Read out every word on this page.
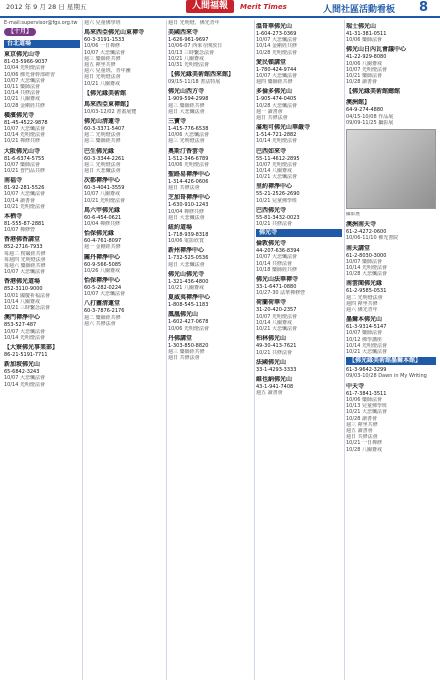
2012 年 9 月 28 日 星期五	人間福報	Merit Times	人間社區活動看板 8

E-mail:supervisor@fgs.org.tw

【十月】

台北道場

東京佛光山寺

81-03-5966-9037

10/04 光明燈法會

10/06 佛光會幹部研習

10/07 大悲懺法會

10/11 藥師法會

10/14 共修法會

10/21 八關齋戒

10/28 金剛經共修

橫濱佛光寺

81-45-4522-9878

10/07 大悲懺法會

10/14 光明燈法會

10/21 禪修共修

大阪佛光山寺

81-6-6374-5755

10/07 藥師法會

10/21 普門品共修

南福寺

81-92-281-5526

10/07 大悲懺法會

10/14 讀書會

10/21 光明燈法會

本栖寺

81-555-87-2881

10/07 禪修營

香港佛香講堂

852-2716-7933

每週二 楞嚴經共修

每週四 光明燈法會

每週六 藥師經共修

10/07 大悲懺法會

香港佛光道場

852-3110-9000

10/01 國慶祈福法會

10/14 八關齋戒

10/21 三時繫念法會

澳門禪淨中心

853-527-487

10/07 大悲懺法會

10/14 光明燈法會

【大寮佛光事業部】

86-21-5191-7711

新加坡佛光山

65-6842-3243

10/07 大悲懺法會

10/14 光明燈法會

週六 兒童佛學班

馬來西亞佛光山東禪寺

60-3-3191-1533

10/06 一日禪修

10/07 大悲懺法會

週三 藥師經共修

週五 禪坐共修

週六 兒童班、青年團

週日 光明燈法會

10/21 八關齋戒

【佛光緣美術館

馬來西亞東禪館】

10/03-12/02 書畫展覽

佛光山清蓮寺

60-3-3371-5407

週二 光明燈法會

週三 藥師經共修

巴生佛光緣

60-3-3344-2261

週三 光明燈法會

週日 大悲懺法會

次都禪淨中心

60-3-4041-3559

10/07 八關齋戒

10/21 光明燈法會

馬六甲佛光緣

60-6-454-0621

10/04 禪修共修

怡保佛光緣

60-4-761-8097

週一 金剛經共修

關丹禪淨中心

60-9-566-5085

10/26 八關齋戒

怡保禪淨中心

60-5-282-0224

10/07 大悲懺法會

八打靈清蓮堂

60-3-7876-2176

週二 藥師經共修

週六 共修法會

週日 光明燈、佛光青年

美國西來寺

1-626-961-9697

10/06-07 西來寺開放日

10/13 三時繫念法會

10/21 八關齋戒

10/31 光明燈法會

【佛光緣美術館西來館】

09/15-11/18 書法特展

佛光山西方寺

1-909-594-2998

週三 藥師經共修

週日 大悲懺法會

三寶寺

1-415-776-6538

10/06 大悲懺法會

週三 光明燈法會

奧斯汀香雲寺

1-512-346-6789

10/06 光明燈法會

聖路易禪淨中心

1-314-426-0606

週日 共修法會

芝加哥禪淨中心

1-630-910-1243

10/04 禪修共修

週日 大悲懺法會

紐約道場

1-718-939-8318

10/06 電影欣賞

新州禪淨中心

1-732-525-0536

週日 大悲懺法會

佛光山佛光寺

1-321-436-4800

10/21 八關齋戒

夏威夷禪淨中心

1-808-545-1183

鳳凰佛光山

1-602-427-0678

10/06 光明燈法會

丹佛講堂

1-303-850-8820

週三 藥師經共修

週日 共修法會

溫哥華佛光山

1-604-273-0369

10/07 大悲懺法會

10/14 金剛經共修

10/28 光明燈法會

愛民頓講堂

1-780-424-9744

10/07 大悲懺法會

週四 藥師經共修

多倫多佛光山

1-905-474-0405

10/28 大悲懺法會

週一 讀書會

週日 共修法會

滿地可佛光山華嚴寺

1-514-721-2882

10/14 光明燈法會

巴西如來寺

55-11-4612-2895

10/07 光明燈法會

10/14 八關齋戒

10/21 大悲懺法會

里約禪淨中心

55-21-2526-2690

10/21 兒童佛學班

巴西佛光寺

55-81-3432-0023

10/21 共修法會

佛光寺

倫敦佛光寺

44-207-636-8394

10/07 大悲懺法會

10/14 共修法會

10/18 藥師經共修

佛光山法華禪寺

33-1-6471-0880

10/27-30 法華禪修營

荷蘭荷華寺

31-20-420-2357

10/07 光明燈法會

10/14 八關齋戒

10/21 大悲懺法會

柏林佛光山

49-30-413-7621

10/21 共修法會

法國佛光山

33-1-4293-3333

維也納佛光山

43-1-941-7408

週五 讀書會

瑞士佛光山

41-31-381-0511

10/06 藥師法會

佛光山日內瓦會議中心

41-22-929-8080

10/06 八關齋戒

10/07 光明燈法會

10/21 藥師法會

10/28 讀書會

【佛光緣美術館總館

澳洲館】

64-9-274-4880

04/15-10/08 作品展

09/09-11/25 攝影展

攝影展

澳洲南天寺

61-2-4272-0600

10/06-11/10 佛光書院

南天講堂

61-2-8030-3000

10/07 藥師法會

10/14 光明燈法會

10/28 大悲懺法會

南雲聞佛光緣

61-2-9585-0531

週二 光明燈法會

週四 禪坐共修

週六 佛光青年

墨爾本佛光山

61-3-9314-5147

10/07 藥師法會

10/12 佛學講座

10/14 光明燈法會

10/21 大悲懺法會

【佛光緣美術館墨爾本館】

61-3-9642-3299

09/03-10/28 Dawn in My Writing

中天寺

61-7-3841-3511

10/06 藥師法會

10/13 兒童佛學班

10/21 大悲懺法會

10/28 讀書會

週三 禪坐共修

週五 讀書會

週日 共修法會

10/21 一日禪修

10/28 八關齋戒
